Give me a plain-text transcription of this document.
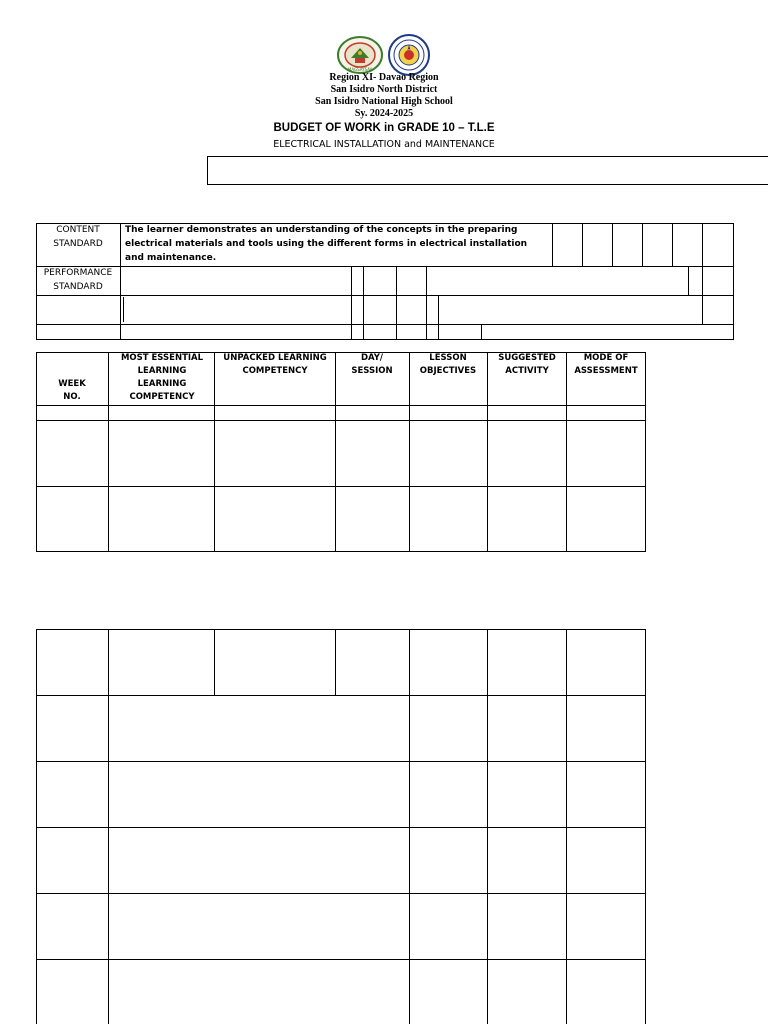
MAGSAYSAY
Region XI- Davao Region
San Isidro North District
San Isidro National High School
Sy. 2024-2025
BUDGET OF WORK in GRADE 10 – T.L.E
ELECTRICAL INSTALLATION and MAINTENANCE
CONTENT STANDARD
The learner demonstrates an understanding of the concepts in the preparing electrical materials and tools using the different forms in electrical installation and maintenance.
PERFORMANCE STANDARD
WEEK NO.
MOST ESSENTIAL LEARNING LEARNING COMPETENCY
UNPACKED LEARNING COMPETENCY
DAY/ SESSION
LESSON OBJECTIVES
SUGGESTED ACTIVITY
MODE OF ASSESSMENT
